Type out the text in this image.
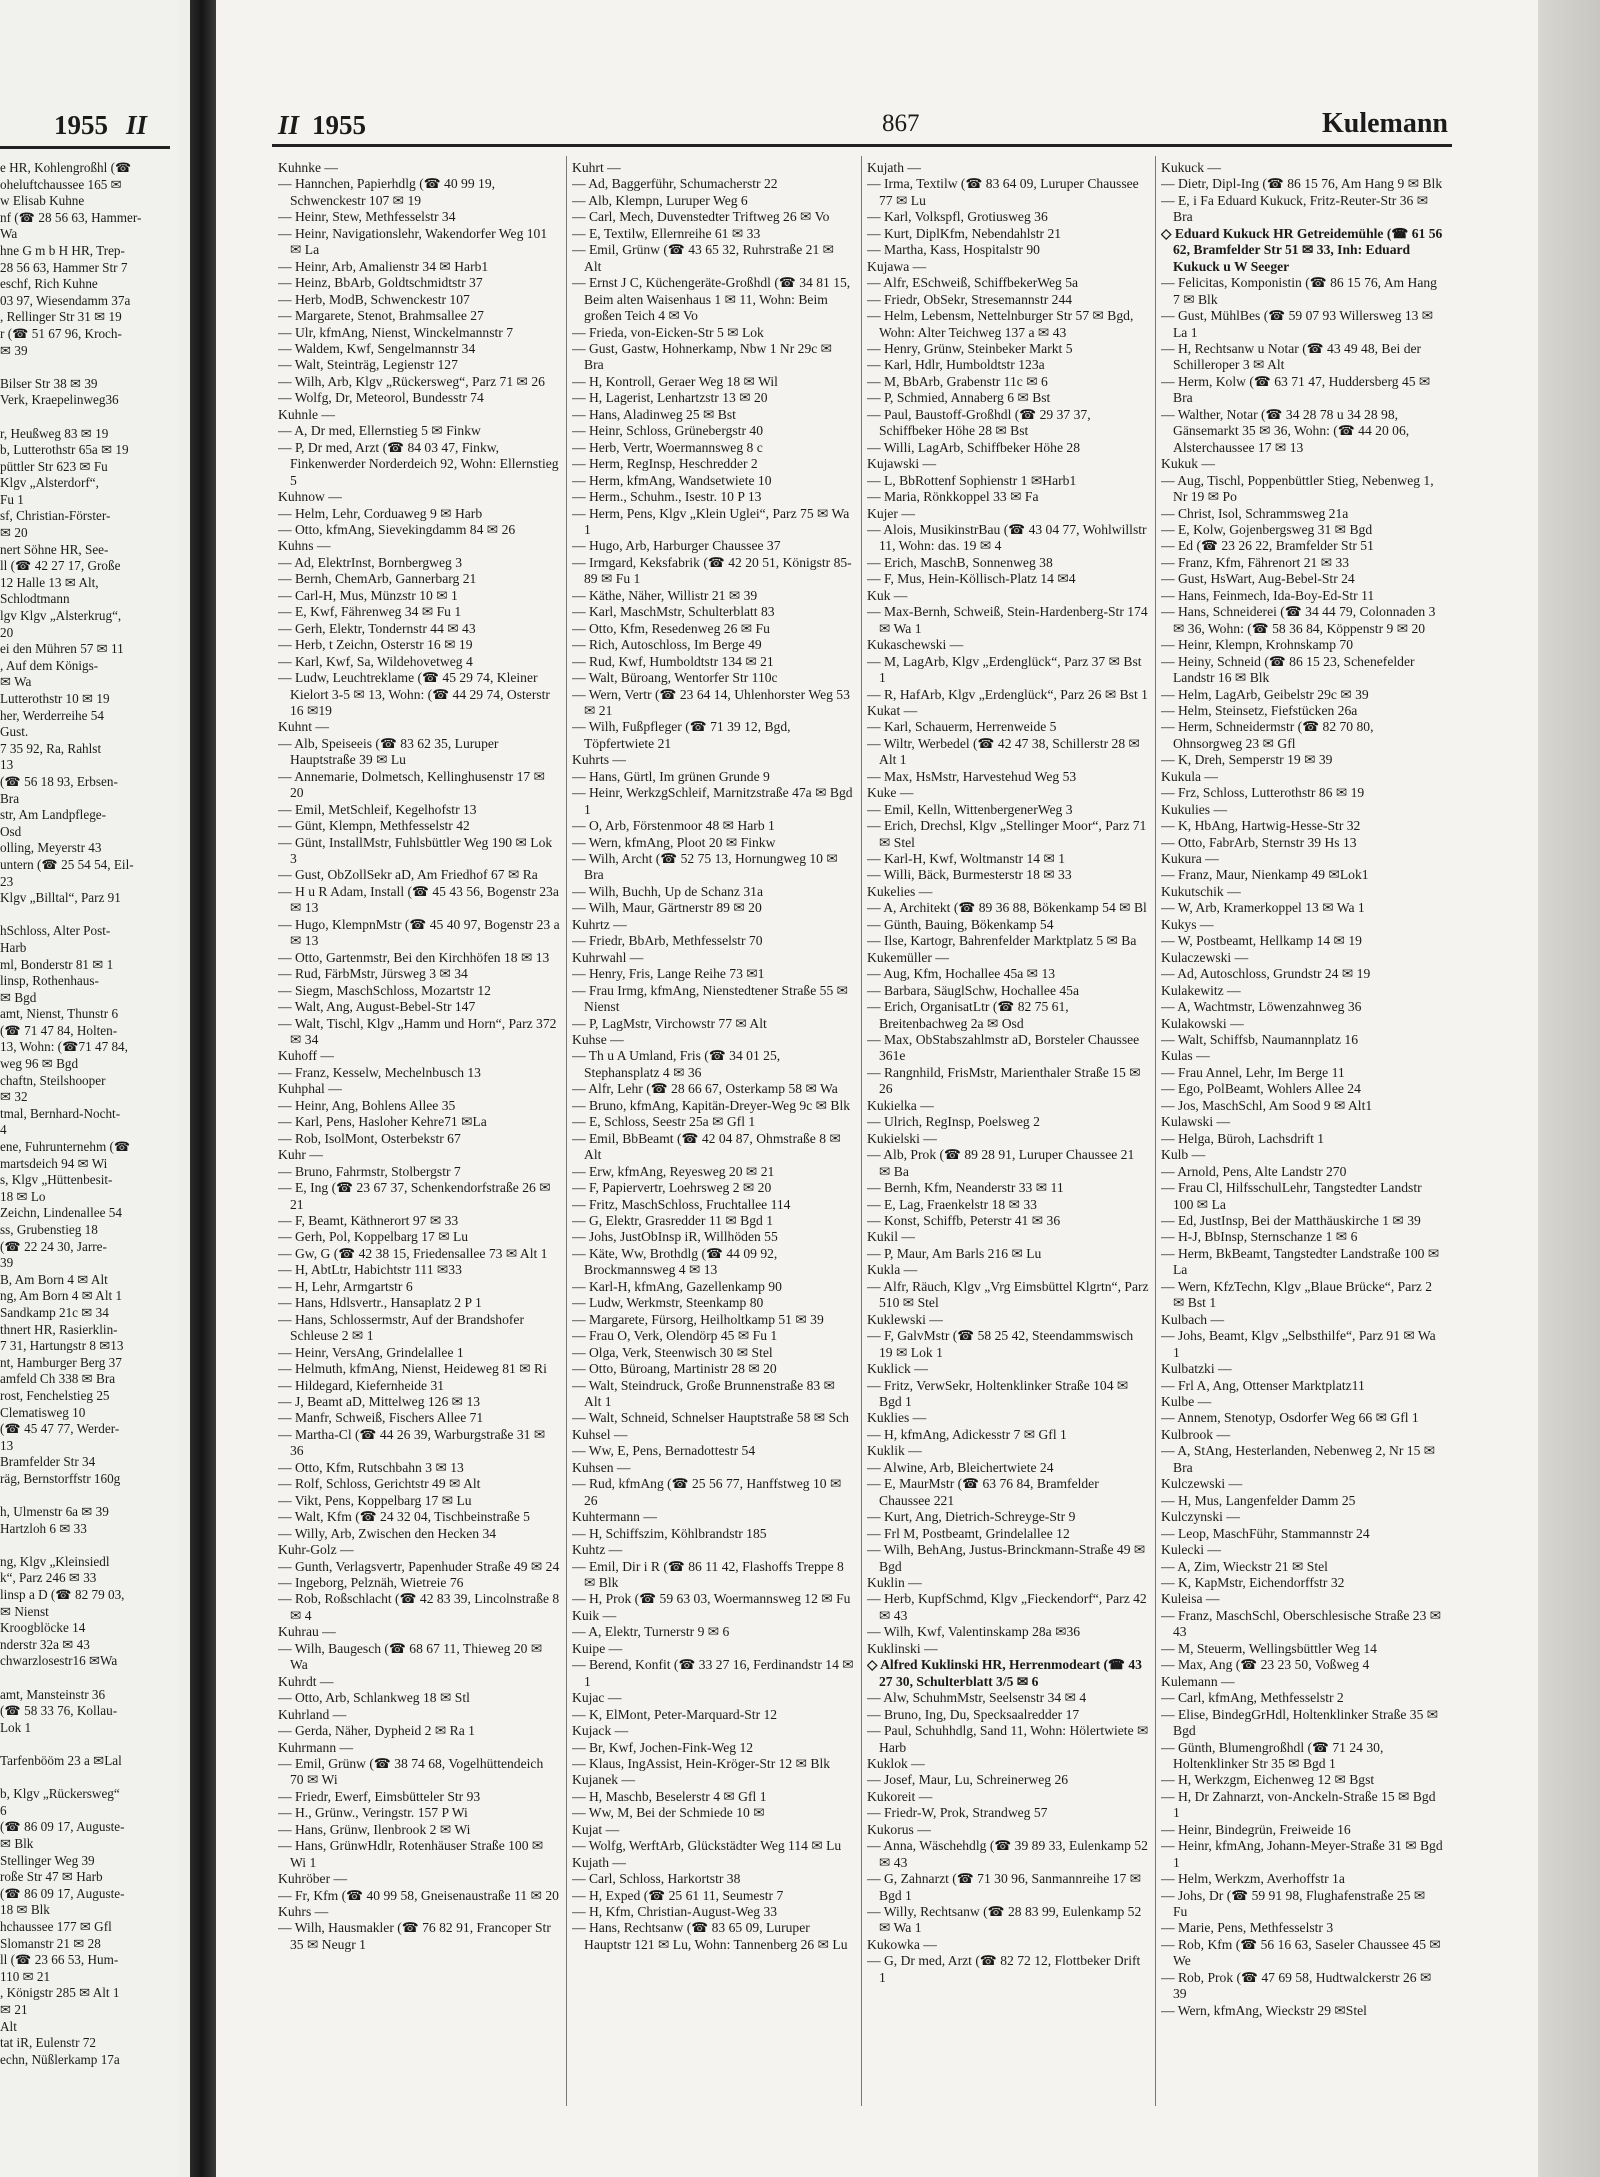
1955 II
e HR, Kohlengroßhl (☎
oheluftchaussee 165 ✉
w Elisab Kuhne
nf (☎ 28 56 63, Hammer-
Wa
hne G m b H HR, Trep-
28 56 63, Hammer Str 7
eschf, Rich Kuhne
03 97, Wiesendamm 37a
, Rellinger Str 31 ✉ 19
r (☎ 51 67 96, Kroch-
✉ 39

Bilser Str 38 ✉ 39
Verk, Kraepelinweg36

r, Heußweg 83 ✉ 19
b, Lutterothstr 65a ✉ 19
püttler Str 623 ✉ Fu
Klgv „Alsterdorf“,
Fu 1
sf, Christian-Förster-
✉ 20
nert Söhne HR, See-
ll (☎ 42 27 17, Große
12 Halle 13 ✉ Alt,
Schlodtmann
lgv Klgv „Alsterkrug“,
20
ei den Mühren 57 ✉ 11
, Auf dem Königs-
✉ Wa
Lutterothstr 10 ✉ 19
her, Werderreihe 54
Gust.
7 35 92, Ra, Rahlst
13
(☎ 56 18 93, Erbsen-
Bra
str, Am Landpflege-
Osd
olling, Meyerstr 43
untern (☎ 25 54 54, Eil-
23
Klgv „Billtal“, Parz 91

hSchloss, Alter Post-
Harb
ml, Bonderstr 81 ✉ 1
linsp, Rothenhaus-
✉ Bgd
amt, Nienst, Thunstr 6
(☎ 71 47 84, Holten-
13, Wohn: (☎71 47 84,
weg 96 ✉ Bgd
chaftn, Steilshooper
✉ 32
tmal, Bernhard-Nocht-
4
ene, Fuhrunternehm (☎
martsdeich 94 ✉ Wi
s, Klgv „Hüttenbesit-
18 ✉ Lo
Zeichn, Lindenallee 54
ss, Grubenstieg 18
(☎ 22 24 30, Jarre-
39
B, Am Born 4 ✉ Alt
ng, Am Born 4 ✉ Alt 1
Sandkamp 21c ✉ 34
thnert HR, Rasierklin-
7 31, Hartungstr 8 ✉13
nt, Hamburger Berg 37
amfeld Ch 338 ✉ Bra
rost, Fenchelstieg 25
Clematisweg 10
(☎ 45 47 77, Werder-
13
Bramfelder Str 34
räg, Bernstorffstr 160g

h, Ulmenstr 6a ✉ 39
Hartzloh 6 ✉ 33

ng, Klgv „Kleinsiedl
k“, Parz 246 ✉ 33
linsp a D (☎ 82 79 03,
✉ Nienst
Kroogblöcke 14
nderstr 32a ✉ 43
chwarzlosestr16 ✉Wa

amt, Mansteinstr 36
(☎ 58 33 76, Kollau-
Lok 1

Tarfenbööm 23 a ✉Lal

b, Klgv „Rückersweg“
6
(☎ 86 09 17, Auguste-
✉ Blk
Stellinger Weg 39
roße Str 47 ✉ Harb
(☎ 86 09 17, Auguste-
18 ✉ Blk
hchaussee 177 ✉ Gfl
Slomanstr 21 ✉ 28
ll (☎ 23 66 53, Hum-
110 ✉ 21
, Königstr 285 ✉ Alt 1
✉ 21
Alt
tat iR, Eulenstr 72
echn, Nüßlerkamp 17a
II 1955	867	Kulemann
Kuhnke —
— Hannchen, Papierhdlg (☎ 40 99 19, Schwenckestr 107 ✉ 19
— Heinr, Stew, Methfesselstr 34
— Heinr, Navigationslehr, Wakendorfer Weg 101 ✉ La
— Heinr, Arb, Amalienstr 34 ✉ Harb1
— Heinz, BbArb, Goldtschmidtstr 37
— Herb, ModB, Schwenckestr 107
— Margarete, Stenot, Brahmsallee 27
— Ulr, kfmAng, Nienst, Winckelmannstr 7
— Waldem, Kwf, Sengelmannstr 34
— Walt, Steinträg, Legienstr 127
— Wilh, Arb, Klgv „Rückersweg“, Parz 71 ✉ 26
— Wolfg, Dr, Meteorol, Bundesstr 74
Kuhnle —
— A, Dr med, Ellernstieg 5 ✉ Finkw
— P, Dr med, Arzt (☎ 84 03 47, Finkw, Finkenwerder Norderdeich 92, Wohn: Ellernstieg 5
Kuhnow —
— Helm, Lehr, Corduaweg 9 ✉ Harb
— Otto, kfmAng, Sievekingdamm 84 ✉ 26
Kuhns —
— Ad, ElektrInst, Bornbergweg 3
— Bernh, ChemArb, Gannerbarg 21
— Carl-H, Mus, Münzstr 10 ✉ 1
— E, Kwf, Fährenweg 34 ✉ Fu 1
— Gerh, Elektr, Tondernstr 44 ✉ 43
— Herb, t Zeichn, Osterstr 16 ✉ 19
— Karl, Kwf, Sa, Wildehovetweg 4
— Ludw, Leuchtreklame (☎ 45 29 74, Kleiner Kielort 3-5 ✉ 13, Wohn: (☎ 44 29 74, Osterstr 16 ✉19
Kuhnt —
— Alb, Speiseeis (☎ 83 62 35, Luruper Hauptstraße 39 ✉ Lu
— Annemarie, Dolmetsch, Kellinghusenstr 17 ✉ 20
— Emil, MetSchleif, Kegelhofstr 13
— Günt, Klempn, Methfesselstr 42
— Günt, InstallMstr, Fuhlsbüttler Weg 190 ✉ Lok 3
— Gust, ObZollSekr aD, Am Friedhof 67 ✉ Ra
— H u R Adam, Install (☎ 45 43 56, Bogenstr 23a ✉ 13
— Hugo, KlempnMstr (☎ 45 40 97, Bogenstr 23 a ✉ 13
— Otto, Gartenmstr, Bei den Kirchhöfen 18 ✉ 13
— Rud, FärbMstr, Jürsweg 3 ✉ 34
— Siegm, MaschSchloss, Mozartstr 12
— Walt, Ang, August-Bebel-Str 147
— Walt, Tischl, Klgv „Hamm und Horn“, Parz 372 ✉ 34
Kuhoff —
— Franz, Kesselw, Mechelnbusch 13
Kuhphal —
— Heinr, Ang, Bohlens Allee 35
— Karl, Pens, Hasloher Kehre71 ✉La
— Rob, IsolMont, Osterbekstr 67
Kuhr —
— Bruno, Fahrmstr, Stolbergstr 7
— E, Ing (☎ 23 67 37, Schenkendorfstraße 26 ✉ 21
— F, Beamt, Käthnerort 97 ✉ 33
— Gerh, Pol, Koppelbarg 17 ✉ Lu
— Gw, G (☎ 42 38 15, Friedensallee 73 ✉ Alt 1
— H, AbtLtr, Habichtstr 111 ✉33
— H, Lehr, Armgartstr 6
— Hans, Hdlsvertr., Hansaplatz 2 P 1
— Hans, Schlossermstr, Auf der Brandshofer Schleuse 2 ✉ 1
— Heinr, VersAng, Grindelallee 1
— Helmuth, kfmAng, Nienst, Heideweg 81 ✉ Ri
— Hildegard, Kiefernheide 31
— J, Beamt aD, Mittelweg 126 ✉ 13
— Manfr, Schweiß, Fischers Allee 71
— Martha-Cl (☎ 44 26 39, Warburgstraße 31 ✉ 36
— Otto, Kfm, Rutschbahn 3 ✉ 13
— Rolf, Schloss, Gerichtstr 49 ✉ Alt
— Vikt, Pens, Koppelbarg 17 ✉ Lu
— Walt, Kfm (☎ 24 32 04, Tischbeinstraße 5
— Willy, Arb, Zwischen den Hecken 34
Kuhr-Golz —
— Gunth, Verlagsvertr, Papenhuder Straße 49 ✉ 24
— Ingeborg, Pelznäh, Wietreie 76
— Rob, Roßschlacht (☎ 42 83 39, Lincolnstraße 8 ✉ 4
Kuhrau —
— Wilh, Baugesch (☎ 68 67 11, Thieweg 20 ✉ Wa
Kuhrdt —
— Otto, Arb, Schlankweg 18 ✉ Stl
Kuhrland —
— Gerda, Näher, Dypheid 2 ✉ Ra 1
Kuhrmann —
— Emil, Grünw (☎ 38 74 68, Vogelhüttendeich 70 ✉ Wi
— Friedr, Ewerf, Eimsbütteler Str 93
— H., Grünw., Veringstr. 157 P Wi
— Hans, Grünw, Ilenbrook 2 ✉ Wi
— Hans, GrünwHdlr, Rotenhäuser Straße 100 ✉ Wi 1
Kuhröber —
— Fr, Kfm (☎ 40 99 58, Gneisenaustraße 11 ✉ 20
Kuhrs —
— Wilh, Hausmakler (☎ 76 82 91, Francoper Str 35 ✉ Neugr 1
Kuhrt —
— Ad, Baggerführ, Schumacherstr 22
— Alb, Klempn, Luruper Weg 6
— Carl, Mech, Duvenstedter Triftweg 26 ✉ Vo
— E, Textilw, Ellernreihe 61 ✉ 33
— Emil, Grünw (☎ 43 65 32, Ruhrstraße 21 ✉ Alt
— Ernst J C, Küchengeräte-Großhdl (☎ 34 81 15, Beim alten Waisenhaus 1 ✉ 11, Wohn: Beim großen Teich 4 ✉ Vo
— Frieda, von-Eicken-Str 5 ✉ Lok
— Gust, Gastw, Hohnerkamp, Nbw 1 Nr 29c ✉ Bra
— H, Kontroll, Geraer Weg 18 ✉ Wil
— H, Lagerist, Lenhartzstr 13 ✉ 20
— Hans, Aladinweg 25 ✉ Bst
— Heinr, Schloss, Grünebergstr 40
— Herb, Vertr, Woermannsweg 8 c
— Herm, RegInsp, Heschredder 2
— Herm, kfmAng, Wandsetwiete 10
— Herm., Schuhm., Isestr. 10 P 13
— Herm, Pens, Klgv „Klein Uglei“, Parz 75 ✉ Wa 1
— Hugo, Arb, Harburger Chaussee 37
— Irmgard, Keksfabrik (☎ 42 20 51, Königstr 85-89 ✉ Fu 1
— Käthe, Näher, Willistr 21 ✉ 39
— Karl, MaschMstr, Schulterblatt 83
— Otto, Kfm, Resedenweg 26 ✉ Fu
— Rich, Autoschloss, Im Berge 49
— Rud, Kwf, Humboldtstr 134 ✉ 21
— Walt, Büroang, Wentorfer Str 110c
— Wern, Vertr (☎ 23 64 14, Uhlenhorster Weg 53 ✉ 21
— Wilh, Fußpfleger (☎ 71 39 12, Bgd, Töpfertwiete 21
Kuhrts —
— Hans, Gürtl, Im grünen Grunde 9
— Heinr, WerkzgSchleif, Marnitzstraße 47a ✉ Bgd 1
— O, Arb, Förstenmoor 48 ✉ Harb 1
— Wern, kfmAng, Ploot 20 ✉ Finkw
— Wilh, Archt (☎ 52 75 13, Hornungweg 10 ✉ Bra
— Wilh, Buchh, Up de Schanz 31a
— Wilh, Maur, Gärtnerstr 89 ✉ 20
Kuhrtz —
— Friedr, BbArb, Methfesselstr 70
Kuhrwahl —
— Henry, Fris, Lange Reihe 73 ✉1
— Frau Irmg, kfmAng, Nienstedtener Straße 55 ✉ Nienst
— P, LagMstr, Virchowstr 77 ✉ Alt
Kuhse —
— Th u A Umland, Fris (☎ 34 01 25, Stephansplatz 4 ✉ 36
— Alfr, Lehr (☎ 28 66 67, Osterkamp 58 ✉ Wa
— Bruno, kfmAng, Kapitän-Dreyer-Weg 9c ✉ Blk
— E, Schloss, Seestr 25a ✉ Gfl 1
— Emil, BbBeamt (☎ 42 04 87, Ohmstraße 8 ✉ Alt
— Erw, kfmAng, Reyesweg 20 ✉ 21
— F, Papiervertr, Loehrsweg 2 ✉ 20
— Fritz, MaschSchloss, Fruchtallee 114
— G, Elektr, Grasredder 11 ✉ Bgd 1
— Johs, JustObInsp iR, Willhöden 55
— Käte, Ww, Brothdlg (☎ 44 09 92, Brockmannsweg 4 ✉ 13
— Karl-H, kfmAng, Gazellenkamp 90
— Ludw, Werkmstr, Steenkamp 80
— Margarete, Fürsorg, Heilholtkamp 51 ✉ 39
— Frau O, Verk, Olendörp 45 ✉ Fu 1
— Olga, Verk, Steenwisch 30 ✉ Stel
— Otto, Büroang, Martinistr 28 ✉ 20
— Walt, Steindruck, Große Brunnenstraße 83 ✉ Alt 1
— Walt, Schneid, Schnelser Hauptstraße 58 ✉ Sch
Kuhsel —
— Ww, E, Pens, Bernadottestr 54
Kuhsen —
— Rud, kfmAng (☎ 25 56 77, Hanffstweg 10 ✉ 26
Kuhtermann —
— H, Schiffszim, Köhlbrandstr 185
Kuhtz —
— Emil, Dir i R (☎ 86 11 42, Flashoffs Treppe 8 ✉ Blk
— H, Prok (☎ 59 63 03, Woermannsweg 12 ✉ Fu
Kuik —
— A, Elektr, Turnerstr 9 ✉ 6
Kuipe —
— Berend, Konfit (☎ 33 27 16, Ferdinandstr 14 ✉ 1
Kujac —
— K, ElMont, Peter-Marquard-Str 12
Kujack —
— Br, Kwf, Jochen-Fink-Weg 12
— Klaus, IngAssist, Hein-Kröger-Str 12 ✉ Blk
Kujanek —
— H, Maschb, Beselerstr 4 ✉ Gfl 1
— Ww, M, Bei der Schmiede 10 ✉
Kujat —
— Wolfg, WerftArb, Glückstädter Weg 114 ✉ Lu
Kujath —
— Carl, Schloss, Harkortstr 38
— H, Exped (☎ 25 61 11, Seumestr 7
— H, Kfm, Christian-August-Weg 33
— Hans, Rechtsanw (☎ 83 65 09, Luruper Hauptstr 121 ✉ Lu, Wohn: Tannenberg 26 ✉ Lu
Kujath —
— Irma, Textilw (☎ 83 64 09, Luruper Chaussee 77 ✉ Lu
— Karl, Volkspfl, Grotiusweg 36
— Kurt, DiplKfm, Nebendahlstr 21
— Martha, Kass, Hospitalstr 90
Kujawa —
— Alfr, ESchweiß, SchiffbekerWeg 5a
— Friedr, ObSekr, Stresemannstr 244
— Helm, Lebensm, Nettelnburger Str 57 ✉ Bgd, Wohn: Alter Teichweg 137 a ✉ 43
— Henry, Grünw, Steinbeker Markt 5
— Karl, Hdlr, Humboldtstr 123a
— M, BbArb, Grabenstr 11c ✉ 6
— P, Schmied, Annaberg 6 ✉ Bst
— Paul, Baustoff-Großhdl (☎ 29 37 37, Schiffbeker Höhe 28 ✉ Bst
— Willi, LagArb, Schiffbeker Höhe 28
Kujawski —
— L, BbRottenf Sophienstr 1 ✉Harb1
— Maria, Rönkkoppel 33 ✉ Fa
Kujer —
— Alois, MusikinstrBau (☎ 43 04 77, Wohlwillstr 11, Wohn: das. 19 ✉ 4
— Erich, MaschB, Sonnenweg 38
— F, Mus, Hein-Köllisch-Platz 14 ✉4
Kuk —
— Max-Bernh, Schweiß, Stein-Hardenberg-Str 174 ✉ Wa 1
Kukaschewski —
— M, LagArb, Klgv „Erdenglück“, Parz 37 ✉ Bst 1
— R, HafArb, Klgv „Erdenglück“, Parz 26 ✉ Bst 1
Kukat —
— Karl, Schauerm, Herrenweide 5
— Wiltr, Werbedel (☎ 42 47 38, Schillerstr 28 ✉ Alt 1
— Max, HsMstr, Harvestehud Weg 53
Kuke —
— Emil, Kelln, WittenbergenerWeg 3
— Erich, Drechsl, Klgv „Stellinger Moor“, Parz 71 ✉ Stel
— Karl-H, Kwf, Woltmanstr 14 ✉ 1
— Willi, Bäck, Burmesterstr 18 ✉ 33
Kukelies —
— A, Architekt (☎ 89 36 88, Bökenkamp 54 ✉ Bl
— Günth, Bauing, Bökenkamp 54
— Ilse, Kartogr, Bahrenfelder Marktplatz 5 ✉ Ba
Kukemüller —
— Aug, Kfm, Hochallee 45a ✉ 13
— Barbara, SäuglSchw, Hochallee 45a
— Erich, OrganisatLtr (☎ 82 75 61, Breitenbachweg 2a ✉ Osd
— Max, ObStabszahlmstr aD, Borsteler Chaussee 361e
— Rangnhild, FrisMstr, Marienthaler Straße 15 ✉ 26
Kukielka —
— Ulrich, RegInsp, Poelsweg 2
Kukielski —
— Alb, Prok (☎ 89 28 91, Luruper Chaussee 21 ✉ Ba
— Bernh, Kfm, Neanderstr 33 ✉ 11
— E, Lag, Fraenkelstr 18 ✉ 33
— Konst, Schiffb, Peterstr 41 ✉ 36
Kukil —
— P, Maur, Am Barls 216 ✉ Lu
Kukla —
— Alfr, Räuch, Klgv „Vrg Eimsbüttel Klgrtn“, Parz 510 ✉ Stel
Kuklewski —
— F, GalvMstr (☎ 58 25 42, Steendammswisch 19 ✉ Lok 1
Kuklick —
— Fritz, VerwSekr, Holtenklinker Straße 104 ✉ Bgd 1
Kuklies —
— H, kfmAng, Adickesstr 7 ✉ Gfl 1
Kuklik —
— Alwine, Arb, Bleichertwiete 24
— E, MaurMstr (☎ 63 76 84, Bramfelder Chaussee 221
— Kurt, Ang, Dietrich-Schreyge-Str 9
— Frl M, Postbeamt, Grindelallee 12
— Wilh, BehAng, Justus-Brinckmann-Straße 49 ✉ Bgd
Kuklin —
— Herb, KupfSchmd, Klgv „Fieckendorf“, Parz 42 ✉ 43
— Wilh, Kwf, Valentinskamp 28a ✉36
Kuklinski —
◇ Alfred Kuklinski HR, Herrenmodeart (☎ 43 27 30, Schulterblatt 3/5 ✉ 6
— Alw, SchuhmMstr, Seelsenstr 34 ✉ 4
— Bruno, Ing, Du, Specksaalredder 17
— Paul, Schuhhdlg, Sand 11, Wohn: Hölertwiete ✉ Harb
Kuklok —
— Josef, Maur, Lu, Schreinerweg 26
Kukoreit —
— Friedr-W, Prok, Strandweg 57
Kukorus —
— Anna, Wäschehdlg (☎ 39 89 33, Eulenkamp 52 ✉ 43
— G, Zahnarzt (☎ 71 30 96, Sanmannreihe 17 ✉ Bgd 1
— Willy, Rechtsanw (☎ 28 83 99, Eulenkamp 52 ✉ Wa 1
Kukowka —
— G, Dr med, Arzt (☎ 82 72 12, Flottbeker Drift 1
Kukuck —
— Dietr, Dipl-Ing (☎ 86 15 76, Am Hang 9 ✉ Blk
— E, i Fa Eduard Kukuck, Fritz-Reuter-Str 36 ✉ Bra
◇ Eduard Kukuck HR Getreidemühle (☎ 61 56 62, Bramfelder Str 51 ✉ 33, Inh: Eduard Kukuck u W Seeger
— Felicitas, Komponistin (☎ 86 15 76, Am Hang 7 ✉ Blk
— Gust, MühlBes (☎ 59 07 93 Willersweg 13 ✉ La 1
— H, Rechtsanw u Notar (☎ 43 49 48, Bei der Schilleroper 3 ✉ Alt
— Herm, Kolw (☎ 63 71 47, Huddersberg 45 ✉ Bra
— Walther, Notar (☎ 34 28 78 u 34 28 98, Gänsemarkt 35 ✉ 36, Wohn: (☎ 44 20 06, Alsterchaussee 17 ✉ 13
Kukuk —
— Aug, Tischl, Poppenbüttler Stieg, Nebenweg 1, Nr 19 ✉ Po
— Christ, Isol, Schrammsweg 21a
— E, Kolw, Gojenbergsweg 31 ✉ Bgd
— Ed (☎ 23 26 22, Bramfelder Str 51
— Franz, Kfm, Fährenort 21 ✉ 33
— Gust, HsWart, Aug-Bebel-Str 24
— Hans, Feinmech, Ida-Boy-Ed-Str 11
— Hans, Schneiderei (☎ 34 44 79, Colonnaden 3 ✉ 36, Wohn: (☎ 58 36 84, Köppenstr 9 ✉ 20
— Heinr, Klempn, Krohnskamp 70
— Heiny, Schneid (☎ 86 15 23, Schenefelder Landstr 16 ✉ Blk
— Helm, LagArb, Geibelstr 29c ✉ 39
— Helm, Steinsetz, Fiefstücken 26a
— Herm, Schneidermstr (☎ 82 70 80, Ohnsorgweg 23 ✉ Gfl
— K, Dreh, Semperstr 19 ✉ 39
Kukula —
— Frz, Schloss, Lutterothstr 86 ✉ 19
Kukulies —
— K, HbAng, Hartwig-Hesse-Str 32
— Otto, FabrArb, Sternstr 39 Hs 13
Kukura —
— Franz, Maur, Nienkamp 49 ✉Lok1
Kukutschik —
— W, Arb, Kramerkoppel 13 ✉ Wa 1
Kukys —
— W, Postbeamt, Hellkamp 14 ✉ 19
Kulaczewski —
— Ad, Autoschloss, Grundstr 24 ✉ 19
Kulakewitz —
— A, Wachtmstr, Löwenzahnweg 36
Kulakowski —
— Walt, Schiffsb, Naumannplatz 16
Kulas —
— Frau Annel, Lehr, Im Berge 11
— Ego, PolBeamt, Wohlers Allee 24
— Jos, MaschSchl, Am Sood 9 ✉ Alt1
Kulawski —
— Helga, Büroh, Lachsdrift 1
Kulb —
— Arnold, Pens, Alte Landstr 270
— Frau Cl, HilfsschulLehr, Tangstedter Landstr 100 ✉ La
— Ed, JustInsp, Bei der Matthäuskirche 1 ✉ 39
— H-J, BbInsp, Sternschanze 1 ✉ 6
— Herm, BkBeamt, Tangstedter Landstraße 100 ✉ La
— Wern, KfzTechn, Klgv „Blaue Brücke“, Parz 2 ✉ Bst 1
Kulbach —
— Johs, Beamt, Klgv „Selbsthilfe“, Parz 91 ✉ Wa 1
Kulbatzki —
— Frl A, Ang, Ottenser Marktplatz11
Kulbe —
— Annem, Stenotyp, Osdorfer Weg 66 ✉ Gfl 1
Kulbrook —
— A, StAng, Hesterlanden, Nebenweg 2, Nr 15 ✉ Bra
Kulczewski —
— H, Mus, Langenfelder Damm 25
Kulczynski —
— Leop, MaschFühr, Stammannstr 24
Kulecki —
— A, Zim, Wieckstr 21 ✉ Stel
— K, KapMstr, Eichendorffstr 32
Kuleisa —
— Franz, MaschSchl, Oberschlesische Straße 23 ✉ 43
— M, Steuerm, Wellingsbüttler Weg 14
— Max, Ang (☎ 23 23 50, Voßweg 4
Kulemann —
— Carl, kfmAng, Methfesselstr 2
— Elise, BindegGrHdl, Holtenklinker Straße 35 ✉ Bgd
— Günth, Blumengroßhdl (☎ 71 24 30, Holtenklinker Str 35 ✉ Bgd 1
— H, Werkzgm, Eichenweg 12 ✉ Bgst
— H, Dr Zahnarzt, von-Anckeln-Straße 15 ✉ Bgd 1
— Heinr, Bindegrün, Freiweide 16
— Heinr, kfmAng, Johann-Meyer-Straße 31 ✉ Bgd 1
— Helm, Werkzm, Averhoffstr 1a
— Johs, Dr (☎ 59 91 98, Flughafenstraße 25 ✉ Fu
— Marie, Pens, Methfesselstr 3
— Rob, Kfm (☎ 56 16 63, Saseler Chaussee 45 ✉ We
— Rob, Prok (☎ 47 69 58, Hudtwalckerstr 26 ✉ 39
— Wern, kfmAng, Wieckstr 29 ✉Stel
